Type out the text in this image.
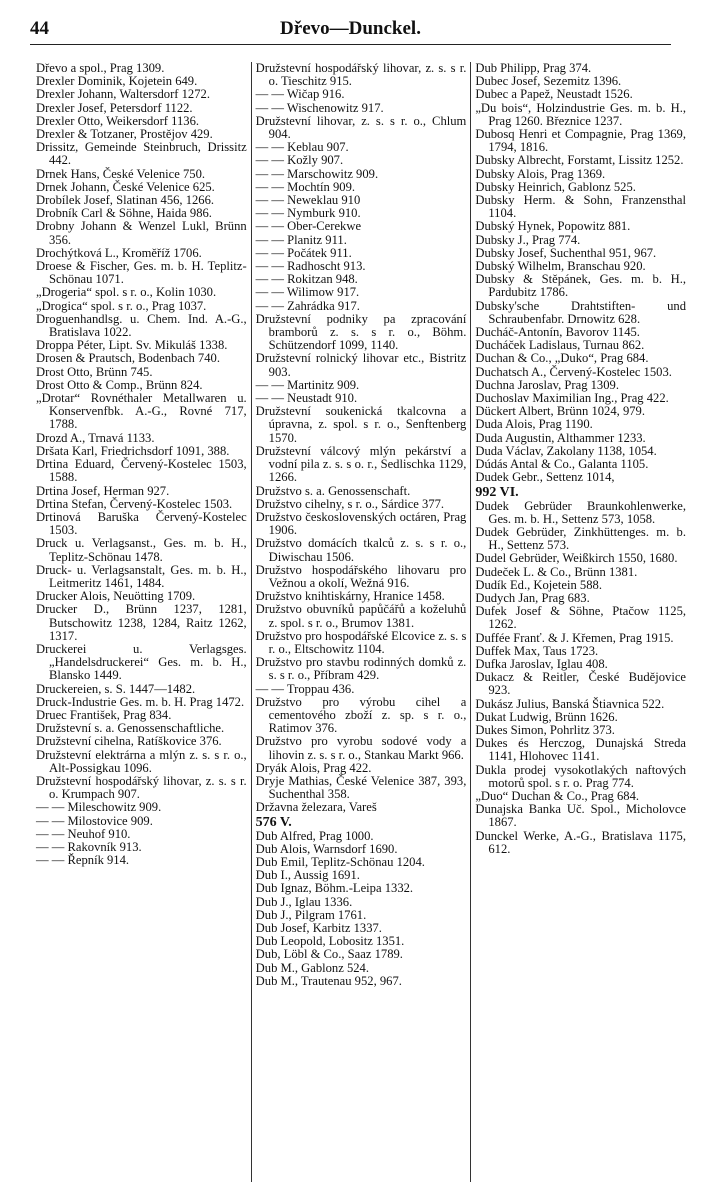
44	Dřevo—Dunckel.

Dřevo a spol., Prag 1309.

Drexler Dominik, Kojetein 649.

Drexler Johann, Waltersdorf 1272.

Drexler Josef, Petersdorf 1122.

Drexler Otto, Weikersdorf 1136.

Drexler & Totzaner, Prostějov 429.

Drissitz, Gemeinde Steinbruch, Drissitz 442.

Drnek Hans, České Velenice 750.

Drnek Johann, České Velenice 625.

Drobílek Josef, Slatinan 456, 1266.

Drobník Carl & Söhne, Haida 986.

Drobny Johann & Wenzel Lukl, Brünn 356.

Drochýtková L., Kroměříž 1706.

Droese & Fischer, Ges. m. b. H. Teplitz-Schönau 1071.

„Drogeria“ spol. s r. o., Kolin 1030.

„Drogica“ spol. s r. o., Prag 1037.

Droguenhandlsg. u. Chem. Ind. A.-G., Bratislava 1022.

Droppa Péter, Lipt. Sv. Mikuláš 1338.

Drosen & Prautsch, Bodenbach 740.

Drost Otto, Brünn 745.

Drost Otto & Comp., Brünn 824.

„Drotar“ Rovnéthaler Metallwaren u. Konservenfbk. A.-G., Rovné 717, 1788.

Drozd A., Trnavá 1133.

Dršata Karl, Friedrichsdorf 1091, 388.

Drtina Eduard, Červený-Kostelec 1503, 1588.

Drtina Josef, Herman 927.

Drtina Stefan, Červený-Kostelec 1503.

Drtinová Baruška Červený-Kostelec 1503.

Druck u. Verlagsanst., Ges. m. b. H., Teplitz-Schönau 1478.

Druck- u. Verlagsanstalt, Ges. m. b. H., Leitmeritz 1461, 1484.

Drucker Alois, Neuötting 1709.

Drucker D., Brünn 1237, 1281, Butschowitz 1238, 1284, Raitz 1262, 1317.

Druckerei u. Verlagsges. „Handelsdruckerei“ Ges. m. b. H., Blansko 1449.

Druckereien, s. S. 1447—1482.

Druck-Industrie Ges. m. b. H. Prag 1472.

Druec František, Prag 834.

Družstevní s. a. Genossenschaftliche.

Družstevní cihelna, Ratíškovice 376.

Družstevní elektrárna a mlýn z. s. s r. o., Alt-Possigkau 1096.

Družstevní hospodářský lihovar, z. s. s r. o. Krumpach 907.

— — Mileschowitz 909.

— — Milostovice 909.

— — Neuhof 910.

— — Rakovník 913.

— — Řepník 914.

Družstevní hospodářský lihovar, z. s. s r. o. Tieschitz 915.

— — Wičap 916.

— — Wischenowitz 917.

Družstevní lihovar, z. s. s r. o., Chlum 904.

— — Keblau 907.

— — Kožly 907.

— — Marschowitz 909.

— — Mochtín 909.

— — Neweklau 910

— — Nymburk 910.

— — Ober-Cerekwe

— — Planitz 911.

— — Počátek 911.

— — Radhoscht 913.

— — Rokitzan 948.

— — Wilimow 917.

— — Zahrádka 917.

Družstevní podniky pa zpracování bramborů z. s. s r. o., Böhm. Schützendorf 1099, 1140.

Družstevní rolnický lihovar etc., Bistritz 903.

— — Martinitz 909.

— — Neustadt 910.

Družstevní soukenická tkalcovna a úpravna, z. spol. s r. o., Senftenberg 1570.

Družstevní válcový mlýn pekárství a vodní pila z. s. s o. r., Sedlischka 1129, 1266.

Družstvo s. a. Genossenschaft.

Družstvo cihelny, s r. o., Sárdice 377.

Družstvo československých octáren, Prag 1906.

Družstvo domácích tkalců z. s. s r. o., Diwischau 1506.

Družstvo hospodářského lihovaru pro Vežnou a okolí, Wežná 916.

Družstvo knihtiskárny, Hranice 1458.

Družstvo obuvníků papůčářů a koželuhů z. spol. s r. o., Brumov 1381.

Družstvo pro hospodářské Elcovice z. s. s r. o., Eltschowitz 1104.

Družstvo pro stavbu rodinných domků z. s. s r. o., Příbram 429.

— — Troppau 436.

Družstvo pro výrobu cihel a cementového zboží z. sp. s r. o., Ratimov 376.

Družstvo pro vyrobu sodové vody a lihovin z. s. s r. o., Stankau Markt 966.

Dryák Alois, Prag 422.

Dryje Mathias, České Velenice 387, 393, Suchenthal 358.

Državna železara, Vareš

576 V.

Dub Alfred, Prag 1000.

Dub Alois, Warnsdorf 1690.

Dub Emil, Teplitz-Schönau 1204.

Dub I., Aussig 1691.

Dub Ignaz, Böhm.-Leipa 1332.

Dub J., Iglau 1336.

Dub J., Pilgram 1761.

Dub Josef, Karbitz 1337.

Dub Leopold, Lobositz 1351.

Dub, Löbl & Co., Saaz 1789.

Dub M., Gablonz 524.

Dub M., Trautenau 952, 967.

Dub Philipp, Prag 374.

Dubec Josef, Sezemitz 1396.

Dubec a Papež, Neustadt 1526.

„Du bois“, Holzindustrie Ges. m. b. H., Prag 1260. Březnice 1237.

Dubosq Henri et Compagnie, Prag 1369, 1794, 1816.

Dubsky Albrecht, Forstamt, Lissitz 1252.

Dubsky Alois, Prag 1369.

Dubsky Heinrich, Gablonz 525.

Dubsky Herm. & Sohn, Franzensthal 1104.

Dubský Hynek, Popowitz 881.

Dubsky J., Prag 774.

Dubsky Josef, Suchenthal 951, 967.

Dubský Wilhelm, Branschau 920.

Dubsky & Stěpánek, Ges. m. b. H., Pardubitz 1786.

Dubsky'sche Drahtstiften- und Schraubenfabr. Drnowitz 628.

Ducháč-Antonín, Bavorov 1145.

Ducháček Ladislaus, Turnau 862.

Duchan & Co., „Duko“, Prag 684.

Duchatsch A., Červený-Kostelec 1503.

Duchna Jaroslav, Prag 1309.

Duchoslav Maximilian Ing., Prag 422.

Dückert Albert, Brünn 1024, 979.

Duda Alois, Prag 1190.

Duda Augustin, Althammer 1233.

Duda Václav, Zakolany 1138, 1054.

Dúdás Antal & Co., Galanta 1105.

Dudek Gebr., Settenz 1014,

992 VI.

Dudek Gebrüder Braunkohlenwerke, Ges. m. b. H., Settenz 573, 1058.

Dudek Gebrüder, Zinkhüttenges. m. b. H., Settenz 573.

Dudel Gebrüder, Weißkirch 1550, 1680.

Dudeček L. & Co., Brünn 1381.

Dudík Ed., Kojetein 588.

Dudych Jan, Prag 683.

Dufek Josef & Söhne, Ptačow 1125, 1262.

Duffée Franť. & J. Křemen, Prag 1915.

Duffek Max, Taus 1723.

Dufka Jaroslav, Iglau 408.

Dukacz & Reitler, České Budějovice 923.

Dukász Julius, Banská Štiavnica 522.

Dukat Ludwig, Brünn 1626.

Dukes Simon, Pohrlitz 373.

Dukes és Herczog, Dunajská Streda 1141, Hlohovec 1141.

Dukla prodej vysokotlakých naftových motorů spol. s r. o. Prag 774.

„Duo“ Duchan & Co., Prag 684.

Dunajska Banka Uč. Spol., Micholovce 1867.

Dunckel Werke, A.-G., Bratislava 1175, 612.
